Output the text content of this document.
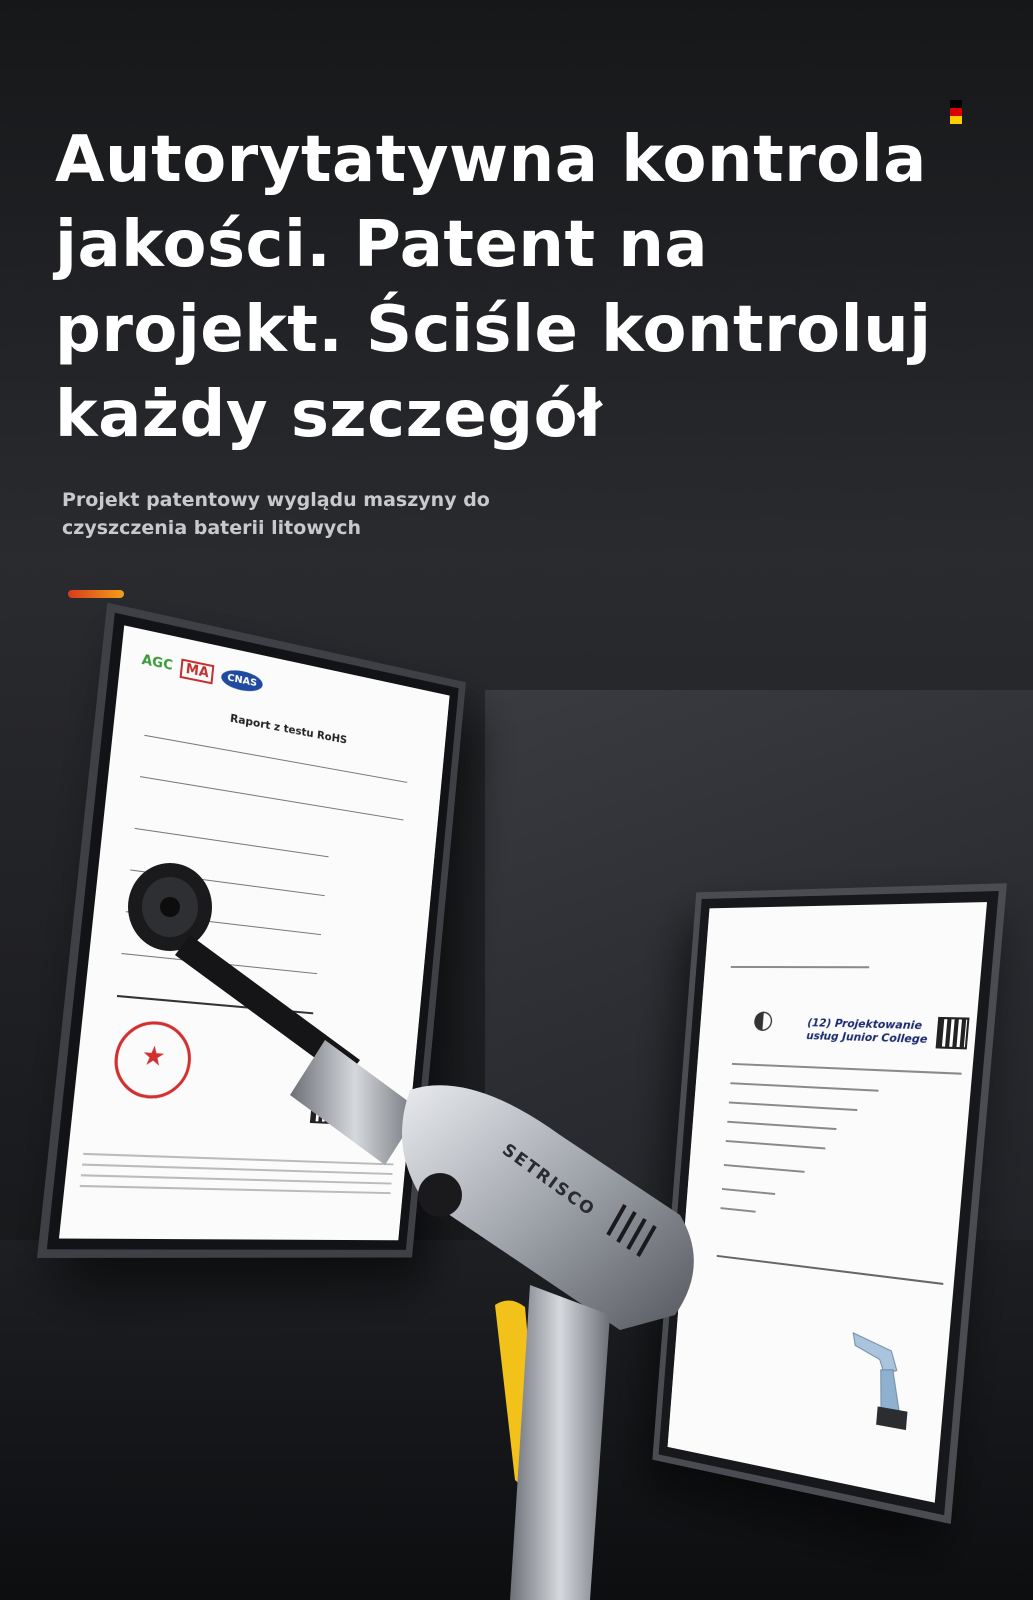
Autorytatywna kontrola jakości. Patent na projekt. Ściśle kontroluj każdy szczegół

Projekt patentowy wyglądu maszyny do czyszczenia baterii litowych

AGC MA	CNAS
Raport z testu RoHS
★
◐	(12) Projektowanie usług Junior College
SETRISCO
